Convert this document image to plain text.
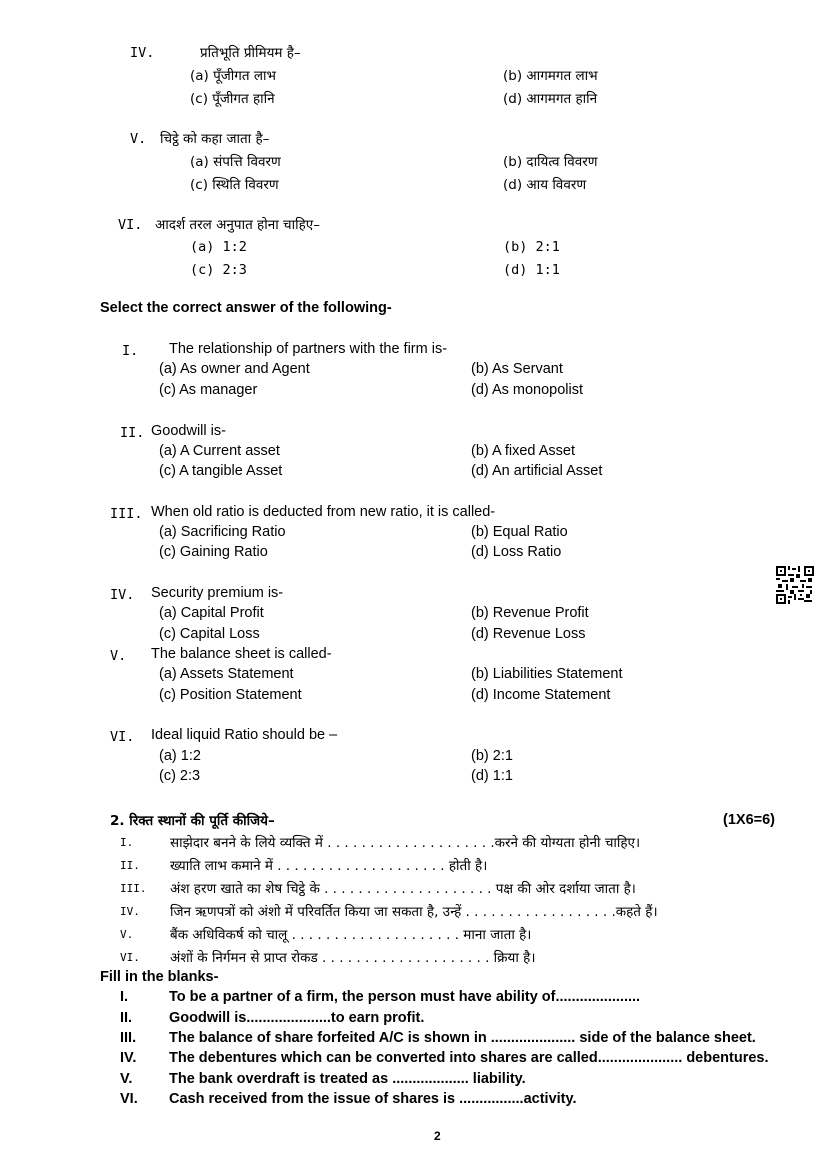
IV.	प्रतिभूति प्रीमियम है–
(a) पूँजीगत लाभ	(b) आगमगत लाभ
(c) पूँजीगत हानि	(d) आगमगत हानि
V. चिट्ठे को कहा जाता है–
(a) संपत्ति विवरण	(b) दायित्व विवरण
(c) स्थिति विवरण	(d) आय विवरण
VI. आदर्श तरल अनुपात होना चाहिए–
(a) 1:2	(b) 2:1
(c) 2:3	(d) 1:1
Select the correct answer of the following-
I. The relationship of partners with the firm is-
(a) As owner and Agent	(b) As Servant
(c) As manager	(d) As monopolist
II. Goodwill is-
(a) A Current asset	(b) A fixed Asset
(c) A tangible Asset	(d) An artificial Asset
III. When old ratio is deducted from new ratio, it is called-
(a) Sacrificing Ratio	(b) Equal Ratio
(c) Gaining Ratio	(d) Loss Ratio
IV. Security premium is-
(a) Capital Profit	(b) Revenue Profit
(c) Capital Loss	(d) Revenue Loss
V. The balance sheet is called-
(a) Assets Statement	(b) Liabilities Statement
(c) Position Statement	(d) Income Statement
VI. Ideal liquid Ratio should be –
(a) 1:2	(b) 2:1
(c) 2:3	(d) 1:1
2. रिक्त स्थानों की पूर्ति कीजिये–	(1X6=6)
I.	साझेदार बनने के लिये व्यक्ति में . . . . . . . . . . . . . . . . . . . .करने की योग्यता होनी चाहिए।
II. ख्याति लाभ कमाने में . . . . . . . . . . . . . . . . . . . . होती है।
III. अंश हरण खाते का शेष चिट्ठे के . . . . . . . . . . . . . . . . . . . . पक्ष की ओर दर्शाया जाता है।
IV. जिन ऋणपत्रों को अंशो में परिवर्तित किया जा सकता है, उन्हें . . . . . . . . . . . . . . . . . .कहते हैं।
V.	बैंक अधिविकर्ष को चालू . . . . . . . . . . . . . . . . . . . . माना जाता है।
VI. अंशों के निर्गमन से प्राप्त रोकड . . . . . . . . . . . . . . . . . . . . क्रिया है।
Fill in the blanks-
I.	To be a partner of a firm, the person must have ability of.....................
II.	Goodwill is.....................to earn profit.
III. The balance of share forfeited A/C is shown in ..................... side of the balance sheet.
IV. The debentures which can be converted into shares are called..................... debentures.
V.	The bank overdraft is treated as ................... liability.
VI. Cash received from the issue of shares is ................activity.
2
